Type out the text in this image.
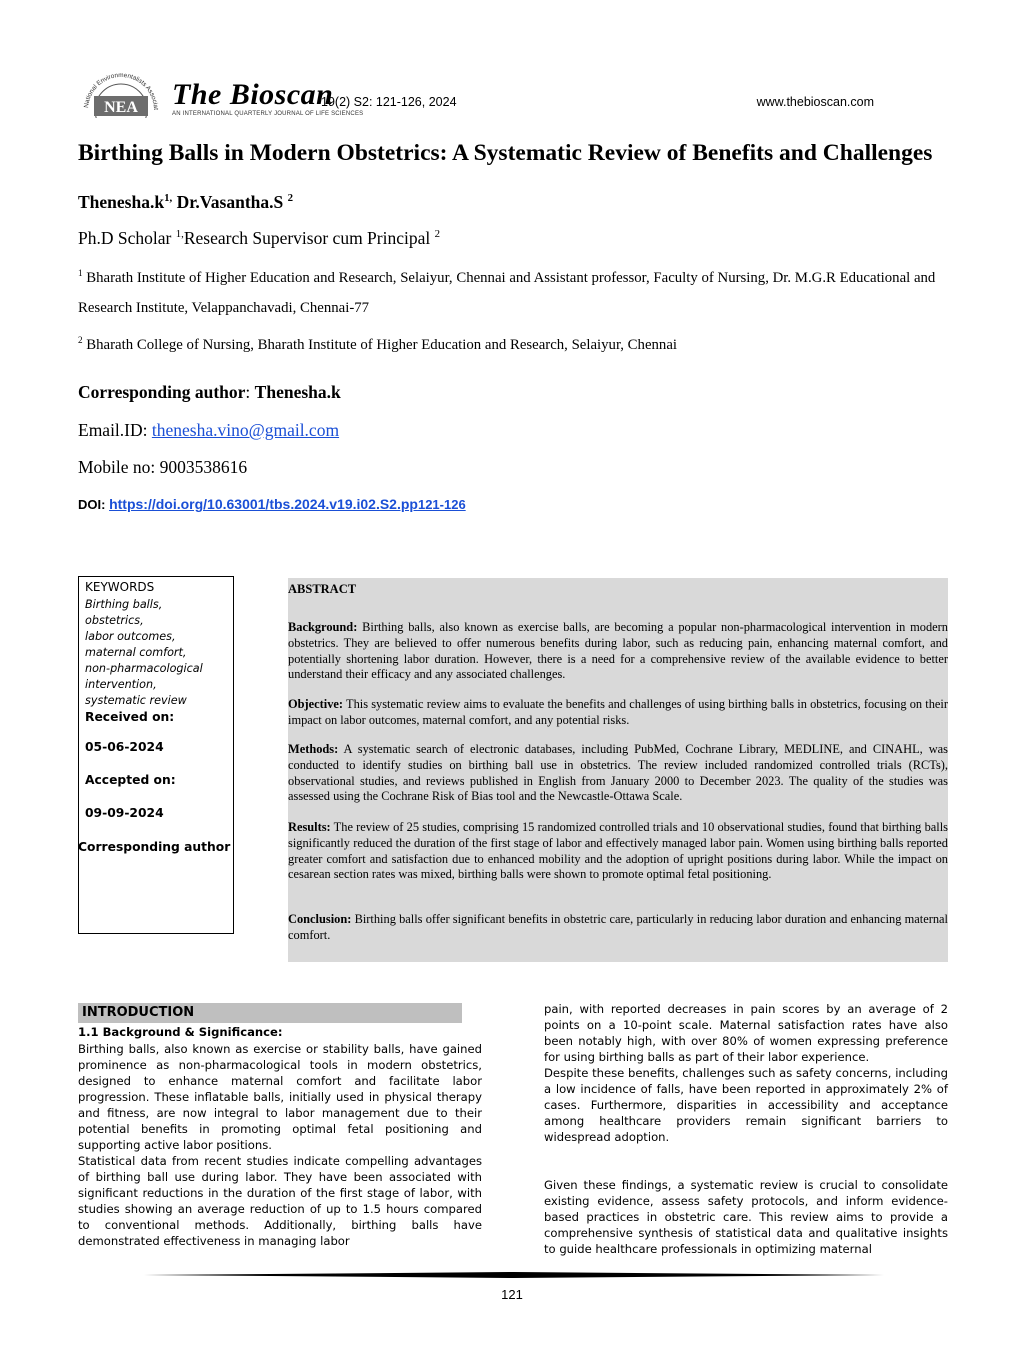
National Environmentalists Associat
NEA The Bioscan
AN INTERNATIONAL QUARTERLY JOURNAL OF LIFE SCIENCES
19(2) S2: 121-126, 2024	www.thebioscan.com
Birthing Balls in Modern Obstetrics: A Systematic Review of Benefits and Challenges
$Thenesha.k^{1,}$ Dr.Vasantha.S $^2$
Ph.D Scholar $^{1,}$Research Supervisor cum Principal $^2$
$^1$ Bharath Institute of Higher Education and Research, Selaiyur, Chennai and Assistant professor, Faculty of Nursing, Dr. M.G.R Educational and Research Institute, Velappanchavadi, Chennai-77
$^2$ Bharath College of Nursing, Bharath Institute of Higher Education and Research, Selaiyur, Chennai
Corresponding author: Thenesha.k
Email.ID: thenesha.vino@gmail.com
Mobile no: 9003538616
DOI: https://doi.org/10.63001/tbs.2024.v19.i02.S2.pp121-126
KEYWORDS
Birthing balls,
obstetrics,
labor outcomes,
maternal comfort,
non-pharmacological
intervention,
systematic review
Received on:
05-06-2024
Accepted on:
09-09-2024
Corresponding author
ABSTRACT
Background: Birthing balls, also known as exercise balls, are becoming a popular non-pharmacological intervention in modern obstetrics. They are believed to offer numerous benefits during labor, such as reducing pain, enhancing maternal comfort, and potentially shortening labor duration. However, there is a need for a comprehensive review of the available evidence to better understand their efficacy and any associated challenges.
Objective: This systematic review aims to evaluate the benefits and challenges of using birthing balls in obstetrics, focusing on their impact on labor outcomes, maternal comfort, and any potential risks.
Methods: A systematic search of electronic databases, including PubMed, Cochrane Library, MEDLINE, and CINAHL, was conducted to identify studies on birthing ball use in obstetrics. The review included randomized controlled trials (RCTs), observational studies, and reviews published in English from January 2000 to December 2023. The quality of the studies was assessed using the Cochrane Risk of Bias tool and the Newcastle-Ottawa Scale.
Results: The review of 25 studies, comprising 15 randomized controlled trials and 10 observational studies, found that birthing balls significantly reduced the duration of the first stage of labor and effectively managed labor pain. Women using birthing balls reported greater comfort and satisfaction due to enhanced mobility and the adoption of upright positions during labor. While the impact on cesarean section rates was mixed, birthing balls were shown to promote optimal fetal positioning.
Conclusion: Birthing balls offer significant benefits in obstetric care, particularly in reducing labor duration and enhancing maternal comfort.
INTRODUCTION
1.1 Background & Significance:

Birthing balls, also known as exercise or stability balls, have gained prominence as non-pharmacological tools in modern obstetrics, designed to enhance maternal comfort and facilitate labor progression. These inflatable balls, initially used in physical therapy and fitness, are now integral to labor management due to their potential benefits in promoting optimal fetal positioning and supporting active labor positions.

Statistical data from recent studies indicate compelling advantages of birthing ball use during labor. They have been associated with significant reductions in the duration of the first stage of labor, with studies showing an average reduction of up to 1.5 hours compared to conventional methods. Additionally, birthing balls have demonstrated effectiveness in managing labor

pain, with reported decreases in pain scores by an average of 2 points on a 10-point scale. Maternal satisfaction rates have also been notably high, with over 80% of women expressing preference for using birthing balls as part of their labor experience.

Despite these benefits, challenges such as safety concerns, including a low incidence of falls, have been reported in approximately 2% of cases. Furthermore, disparities in accessibility and acceptance among healthcare providers remain significant barriers to widespread adoption.

Given these findings, a systematic review is crucial to consolidate existing evidence, assess safety protocols, and inform evidence-based practices in obstetric care. This review aims to provide a comprehensive synthesis of statistical data and qualitative insights to guide healthcare professionals in optimizing maternal

121
